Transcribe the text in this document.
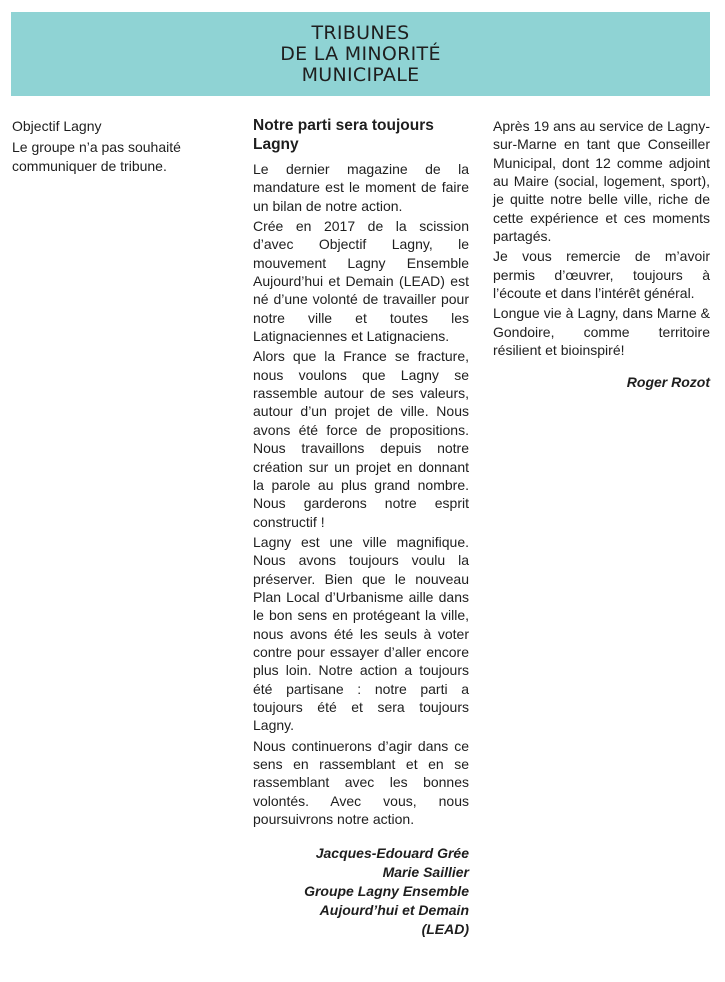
TRIBUNES
DE LA MINORITÉ
MUNICIPALE

Objectif Lagny

Le groupe n’a pas souhaité communiquer de tribune.

Notre parti sera toujours Lagny

Le dernier magazine de la mandature est le moment de faire un bilan de notre action.

Crée en 2017 de la scission d’avec Objectif Lagny, le mouvement Lagny Ensemble Aujourd’hui et Demain (LEAD) est né d’une volonté de travailler pour notre ville et toutes les Latignaciennes et Latignaciens.

Alors que la France se fracture, nous voulons que Lagny se rassemble autour de ses valeurs, autour d’un projet de ville. Nous avons été force de propositions. Nous travaillons depuis notre création sur un projet en donnant la parole au plus grand nombre. Nous garderons notre esprit constructif !

Lagny est une ville magnifique. Nous avons toujours voulu la préserver. Bien que le nouveau Plan Local d’Urbanisme aille dans le bon sens en protégeant la ville, nous avons été les seuls à voter contre pour essayer d’aller encore plus loin. Notre action a toujours été partisane : notre parti a toujours été et sera toujours Lagny.

Nous continuerons d’agir dans ce sens en rassemblant et en se rassemblant avec les bonnes volontés. Avec vous, nous poursuivrons notre action.

Jacques-Edouard Grée
Marie Saillier
Groupe Lagny Ensemble
Aujourd’hui et Demain
(LEAD)

Après 19 ans au service de Lagny-sur-Marne en tant que Conseiller Municipal, dont 12 comme adjoint au Maire (social, logement, sport), je quitte notre belle ville, riche de cette expérience et ces moments partagés.

Je vous remercie de m’avoir permis d’œuvrer, toujours à l’écoute et dans l’intérêt général.

Longue vie à Lagny, dans Marne & Gondoire, comme territoire résilient et bioinspiré!

Roger Rozot
